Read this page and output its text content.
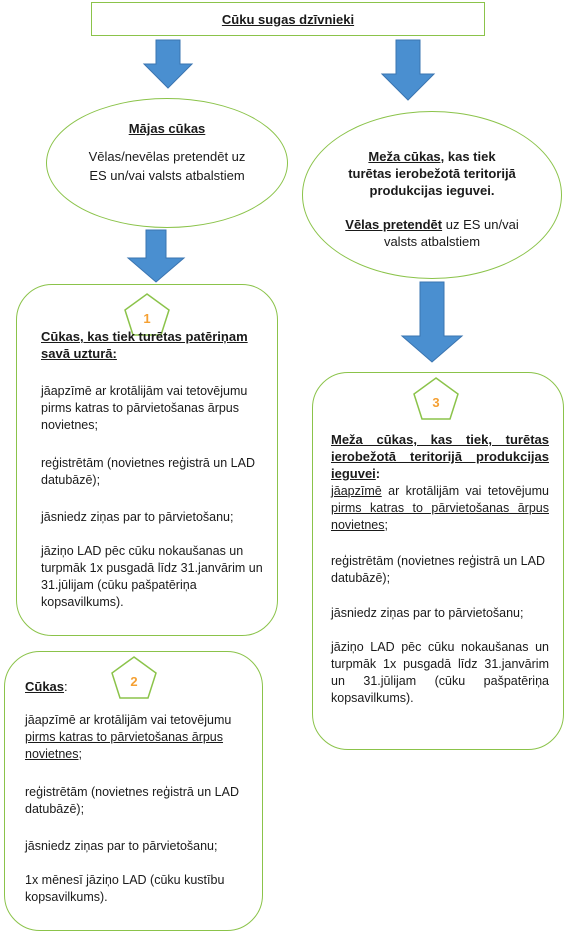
Cūku sugas dzīvnieki
Mājas cūkas
Vēlas/nevēlas pretendēt uz ES un/vai valsts atbalstiem
Meža cūkas, kas tiek turētas ierobežotā teritorijā produkcijas ieguvei.
Vēlas pretendēt uz ES un/vai valsts atbalstiem
1

Cūkas, kas tiek turētas patēriņam savā uzturā:

jāapzīmē ar krotālijām vai tetovējumu pirms katras to pārvietošanas ārpus novietnes;

reģistrētām (novietnes reģistrā un LAD datubāzē);

jāsniedz ziņas par to pārvietošanu;

jāziņo LAD pēc cūku nokaušanas un turpmāk 1x pusgadā līdz 31.janvārim un 31.jūlijam (cūku pašpatēriņa kopsavilkums).

2

Cūkas:

jāapzīmē ar krotālijām vai tetovējumu pirms katras to pārvietošanas ārpus novietnes;

reģistrētām (novietnes reģistrā un LAD datubāzē);

jāsniedz ziņas par to pārvietošanu;

1x mēnesī jāziņo LAD (cūku kustību kopsavilkums).

3

Meža cūkas, kas tiek, turētas ierobežotā teritorijā produkcijas ieguvei:

jāapzīmē ar krotālijām vai tetovējumu pirms katras to pārvietošanas ārpus novietnes;

reģistrētām (novietnes reģistrā un LAD datubāzē);

jāsniedz ziņas par to pārvietošanu;

jāziņo LAD pēc cūku nokaušanas un turpmāk 1x pusgadā līdz 31.janvārim un 31.jūlijam (cūku pašpatēriņa kopsavilkums).
